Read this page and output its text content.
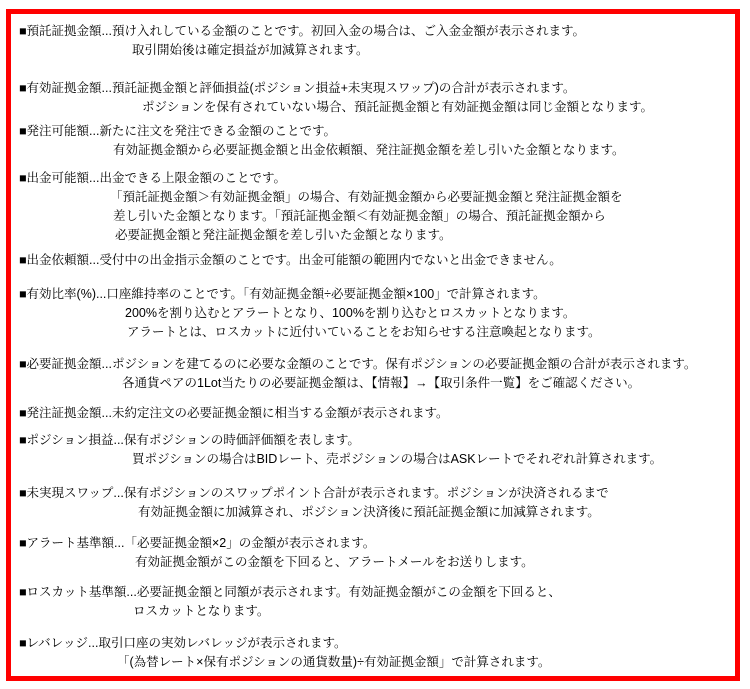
■預託証拠金額...預け入れしている金額のことです。初回入金の場合は、ご入金金額が表示されます。
取引開始後は確定損益が加減算されます。
■有効証拠金額...預託証拠金額と評価損益(ポジション損益+未実現スワップ)の合計が表示されます。
ポジションを保有されていない場合、預託証拠金額と有効証拠金額は同じ金額となります。
■発注可能額...新たに注文を発注できる金額のことです。
有効証拠金額から必要証拠金額と出金依頼額、発注証拠金額を差し引いた金額となります。
■出金可能額...出金できる上限金額のことです。
「預託証拠金額＞有効証拠金額」の場合、有効証拠金額から必要証拠金額と発注証拠金額を
差し引いた金額となります。「預託証拠金額＜有効証拠金額」の場合、預託証拠金額から
必要証拠金額と発注証拠金額を差し引いた金額となります。
■出金依頼額...受付中の出金指示金額のことです。出金可能額の範囲内でないと出金できません。
■有効比率(%)...口座維持率のことです。「有効証拠金額÷必要証拠金額×100」で計算されます。
200%を割り込むとアラートとなり、100%を割り込むとロスカットとなります。
アラートとは、ロスカットに近付いていることをお知らせする注意喚起となります。
■必要証拠金額...ポジションを建てるのに必要な金額のことです。保有ポジションの必要証拠金額の合計が表示されます。
各通貨ペアの1Lot当たりの必要証拠金額は、【情報】→【取引条件一覧】をご確認ください。
■発注証拠金額...未約定注文の必要証拠金額に相当する金額が表示されます。
■ポジション損益...保有ポジションの時価評価額を表します。
買ポジションの場合はBIDレート、売ポジションの場合はASKレートでそれぞれ計算されます。
■未実現スワップ...保有ポジションのスワップポイント合計が表示されます。ポジションが決済されるまで
有効証拠金額に加減算され、ポジション決済後に預託証拠金額に加減算されます。
■アラート基準額...「必要証拠金額×2」の金額が表示されます。
有効証拠金額がこの金額を下回ると、アラートメールをお送りします。
■ロスカット基準額...必要証拠金額と同額が表示されます。有効証拠金額がこの金額を下回ると、
ロスカットとなります。
■レバレッジ...取引口座の実効レバレッジが表示されます。
「(為替レート×保有ポジションの通貨数量)÷有効証拠金額」で計算されます。
